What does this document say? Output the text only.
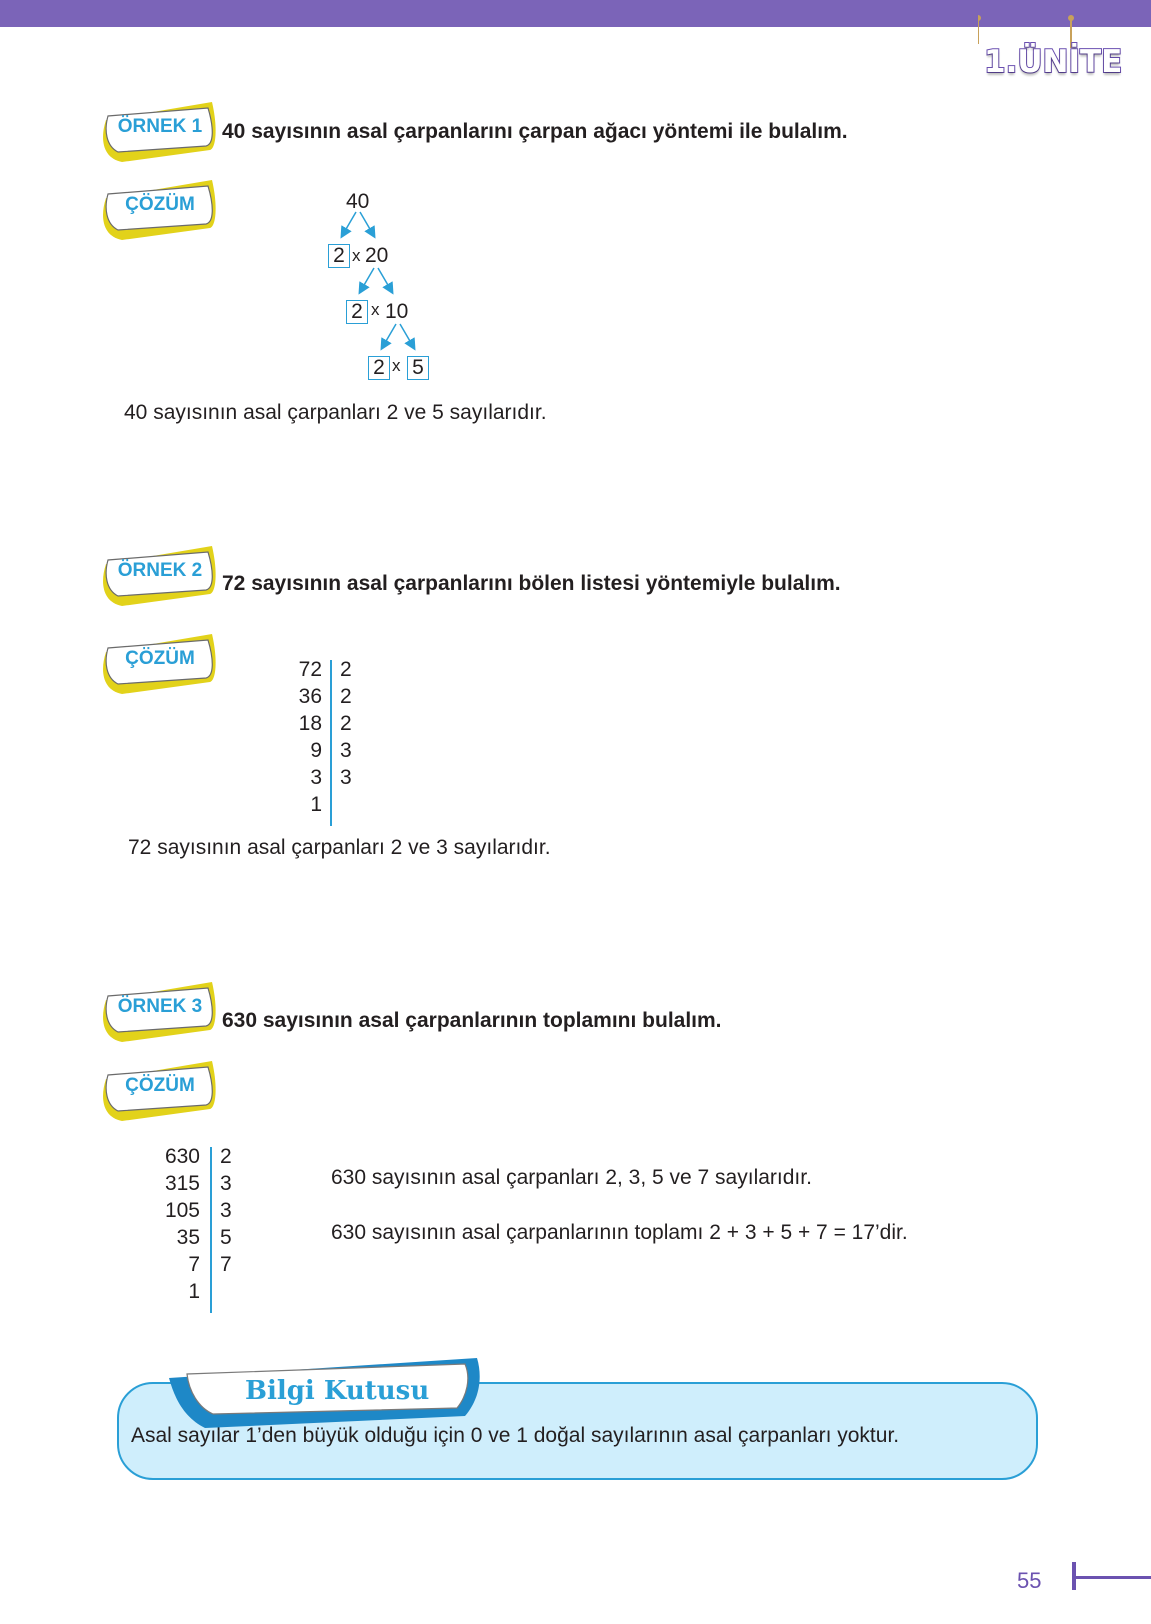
1.ÜNİTE
ÖRNEK 1 40 sayısının asal çarpanlarını çarpan ağacı yöntemi ile bulalım.
ÇÖZÜM	40
2 x 20
2 x 10
2 x 5
40 sayısının asal çarpanları 2 ve 5 sayılarıdır.
ÖRNEK 2
72 sayısının asal çarpanlarını bölen listesi yöntemiyle bulalım.
ÇÖZÜM	72
36
18
9
3
1
2
2
2
3
3
72 sayısının asal çarpanları 2 ve 3 sayılarıdır.
ÖRNEK 3
630 sayısının asal çarpanlarının toplamını bulalım.
ÇÖZÜM
630
315
105
35
7
1
2
3
3
5
7
630 sayısının asal çarpanları 2, 3, 5 ve 7 sayılarıdır.
630 sayısının asal çarpanlarının toplamı 2 + 3 + 5 + 7 = 17’dir.
Asal sayılar 1’den büyük olduğu için 0 ve 1 doğal sayılarının asal çarpanları yoktur.
Bilgi Kutusu
55
